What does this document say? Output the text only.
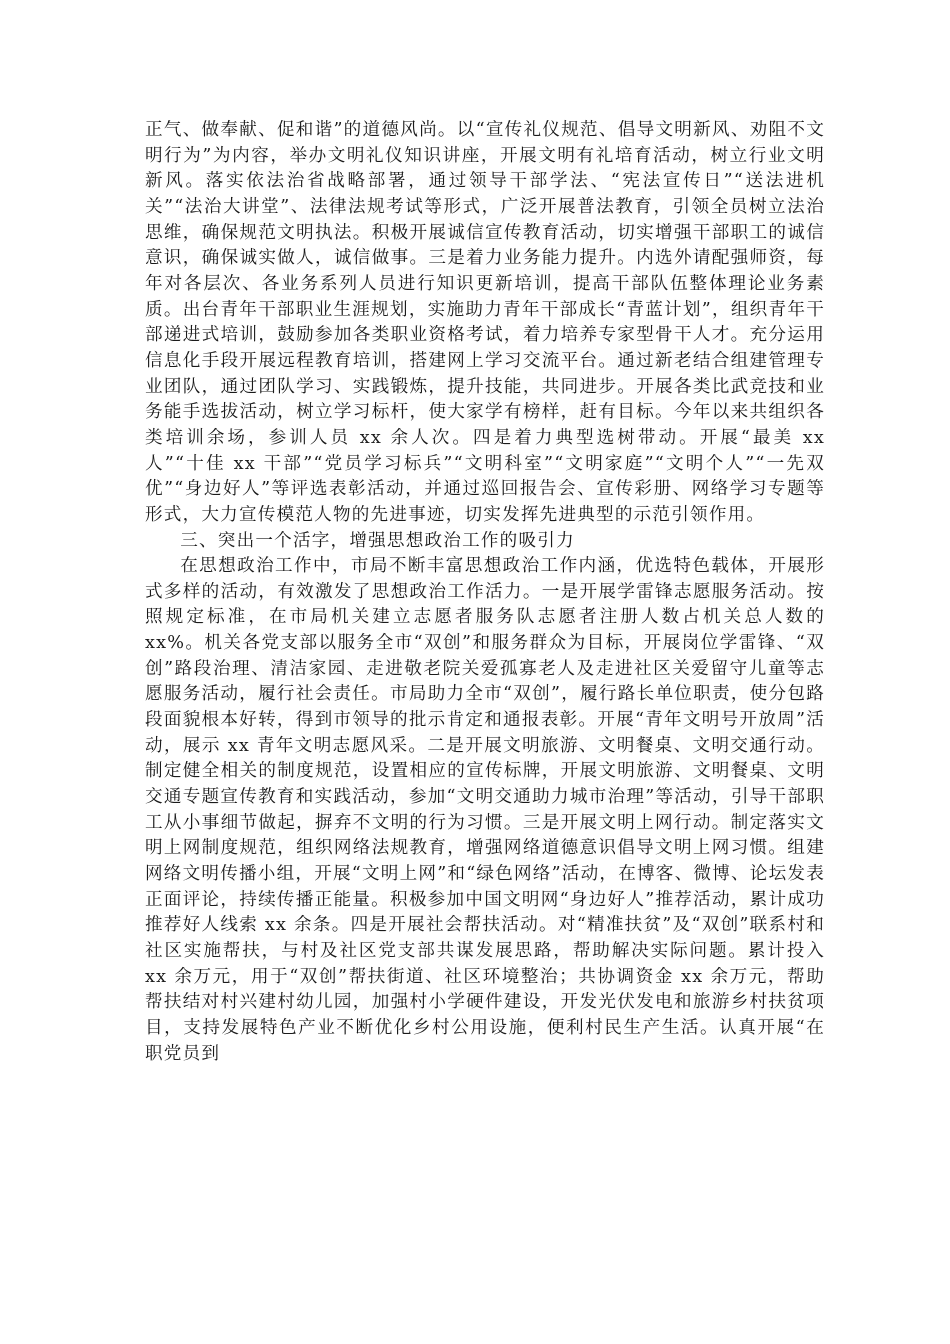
正气、做奉献、促和谐”的道德风尚。以“宣传礼仪规范、倡导文明新风、劝阻不文明行为”为内容，举办文明礼仪知识讲座，开展文明有礼培育活动，树立行业文明新风。落实依法治省战略部署，通过领导干部学法、“宪法宣传日”“送法进机关”“法治大讲堂”、法律法规考试等形式，广泛开展普法教育，引领全员树立法治思维，确保规范文明执法。积极开展诚信宣传教育活动，切实增强干部职工的诚信意识，确保诚实做人，诚信做事。三是着力业务能力提升。内选外请配强师资，每年对各层次、各业务系列人员进行知识更新培训，提高干部队伍整体理论业务素质。出台青年干部职业生涯规划，实施助力青年干部成长“青蓝计划”，组织青年干部递进式培训，鼓励参加各类职业资格考试，着力培养专家型骨干人才。充分运用信息化手段开展远程教育培训，搭建网上学习交流平台。通过新老结合组建管理专业团队，通过团队学习、实践锻炼，提升技能，共同进步。开展各类比武竞技和业务能手选拔活动，树立学习标杆，使大家学有榜样，赶有目标。今年以来共组织各类培训余场，参训人员 xx 余人次。四是着力典型选树带动。开展“最美 xx 人”“十佳 xx 干部”“党员学习标兵”“文明科室”“文明家庭”“文明个人”“一先双优”“身边好人”等评选表彰活动，并通过巡回报告会、宣传彩册、网络学习专题等形式，大力宣传模范人物的先进事迹，切实发挥先进典型的示范引领作用。

三、突出一个活字，增强思想政治工作的吸引力

在思想政治工作中，市局不断丰富思想政治工作内涵，优选特色载体，开展形式多样的活动，有效激发了思想政治工作活力。一是开展学雷锋志愿服务活动。按照规定标准，在市局机关建立志愿者服务队志愿者注册人数占机关总人数的 xx%。机关各党支部以服务全市“双创”和服务群众为目标，开展岗位学雷锋、“双创”路段治理、清洁家园、走进敬老院关爱孤寡老人及走进社区关爱留守儿童等志愿服务活动，履行社会责任。市局助力全市“双创”，履行路长单位职责，使分包路段面貌根本好转，得到市领导的批示肯定和通报表彰。开展“青年文明号开放周”活动，展示 xx 青年文明志愿风采。二是开展文明旅游、文明餐桌、文明交通行动。制定健全相关的制度规范，设置相应的宣传标牌，开展文明旅游、文明餐桌、文明交通专题宣传教育和实践活动，参加“文明交通助力城市治理”等活动，引导干部职工从小事细节做起，摒弃不文明的行为习惯。三是开展文明上网行动。制定落实文明上网制度规范，组织网络法规教育，增强网络道德意识倡导文明上网习惯。组建网络文明传播小组，开展“文明上网”和“绿色网络”活动，在博客、微博、论坛发表正面评论，持续传播正能量。积极参加中国文明网“身边好人”推荐活动，累计成功推荐好人线索 xx 余条。四是开展社会帮扶活动。对“精准扶贫”及“双创”联系村和社区实施帮扶，与村及社区党支部共谋发展思路，帮助解决实际问题。累计投入 xx 余万元，用于“双创”帮扶街道、社区环境整治；共协调资金 xx 余万元，帮助帮扶结对村兴建村幼儿园，加强村小学硬件建设，开发光伏发电和旅游乡村扶贫项目，支持发展特色产业不断优化乡村公用设施，便利村民生产生活。认真开展“在职党员到
